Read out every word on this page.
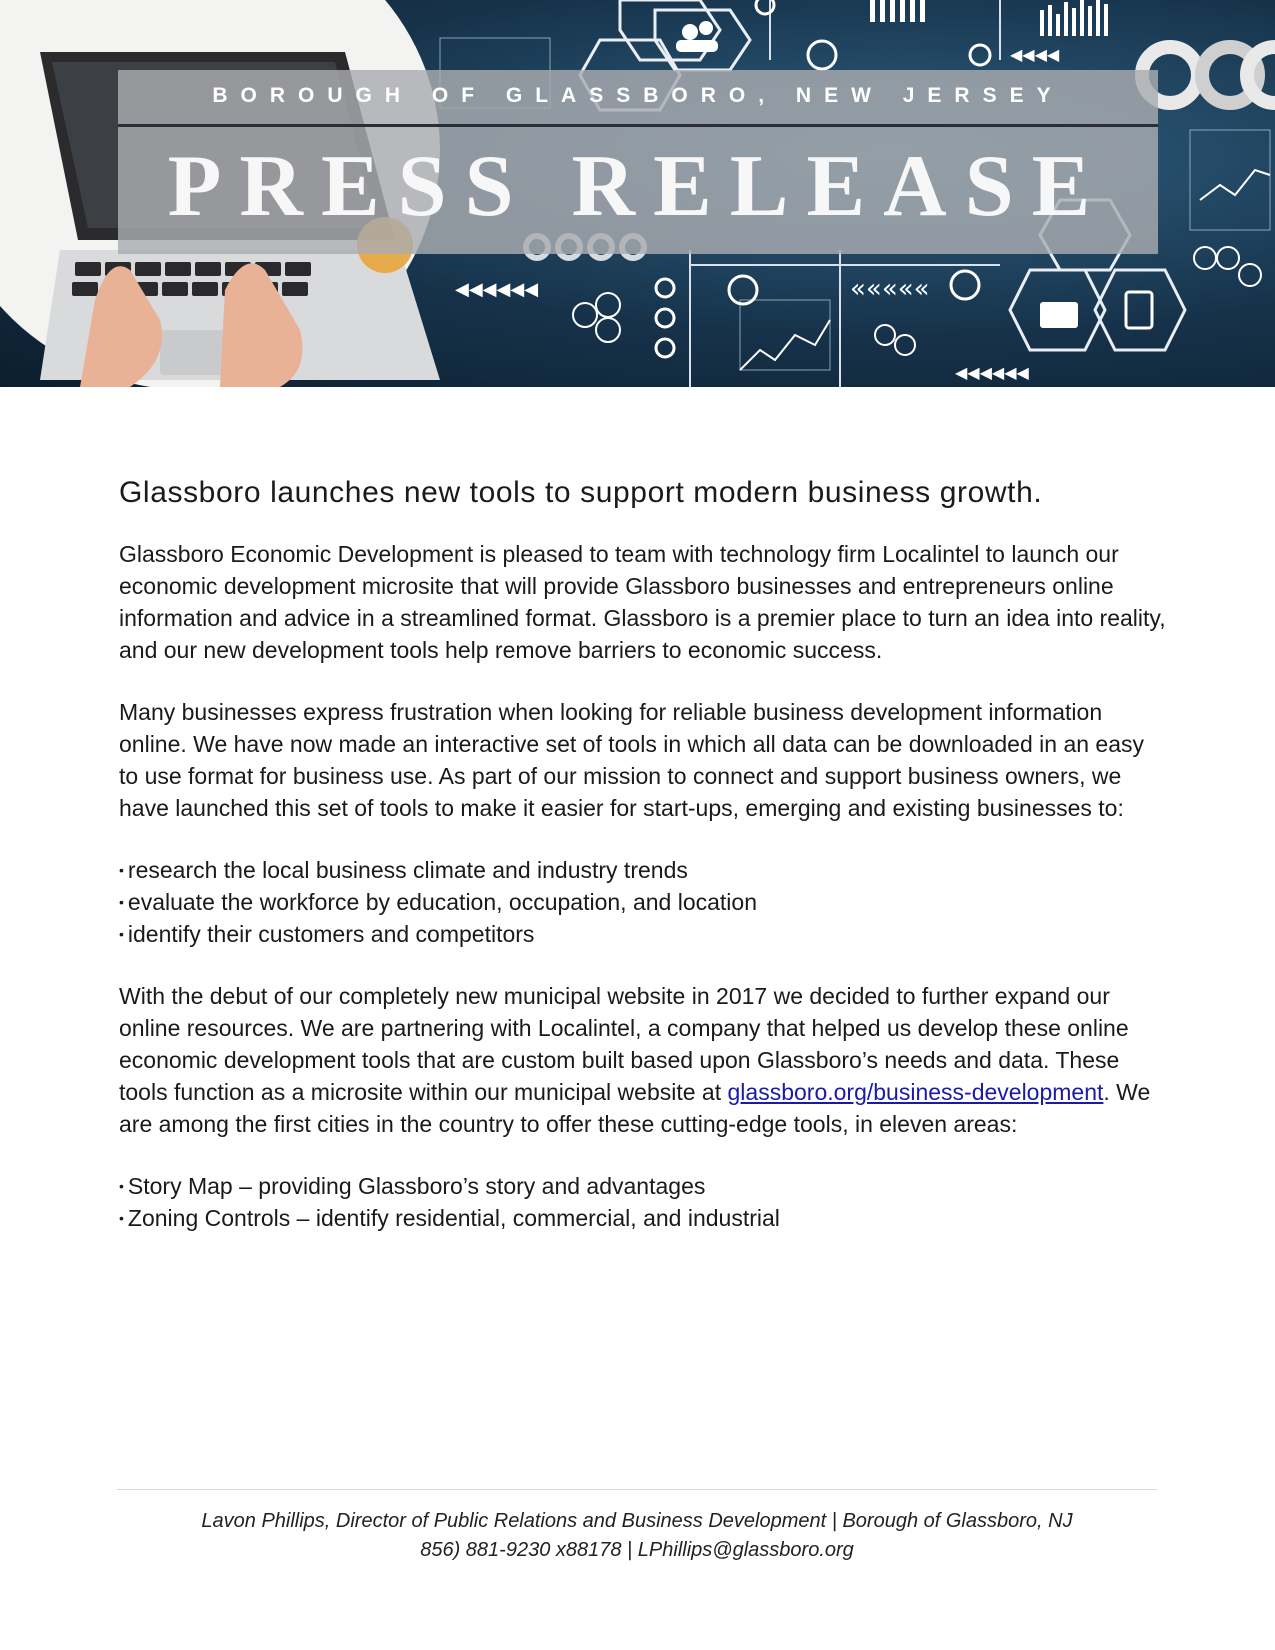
◀◀◀◀◀◀	«««««
◀◀◀◀◀◀
◀◀◀◀
BOROUGH OF GLASSBORO, NEW JERSEY
PRESS RELEASE
Glassboro launches new tools to support modern business growth.

Glassboro Economic Development is pleased to team with technology firm Localintel to launch our economic development microsite that will provide Glassboro businesses and entrepreneurs online information and advice in a streamlined format. Glassboro is a premier place to turn an idea into reality, and our new development tools help remove barriers to economic success.

Many businesses express frustration when looking for reliable business development information online. We have now made an interactive set of tools in which all data can be downloaded in an easy to use format for business use. As part of our mission to connect and support business owners, we have launched this set of tools to make it easier for start-ups, emerging and existing businesses to:

• research the local business climate and industry trends
• evaluate the workforce by education, occupation, and location
• identify their customers and competitors

With the debut of our completely new municipal website in 2017 we decided to further expand our online resources. We are partnering with Localintel, a company that helped us develop these online economic development tools that are custom built based upon Glassboro’s needs and data. These tools function as a microsite within our municipal website at glassboro.org/business-development. We are among the first cities in the country to offer these cutting-edge tools, in eleven areas:

• Story Map – providing Glassboro’s story and advantages
• Zoning Controls – identify residential, commercial, and industrial
Lavon Phillips, Director of Public Relations and Business Development | Borough of Glassboro, NJ
856) 881-9230 x88178 | LPhillips@glassboro.org
